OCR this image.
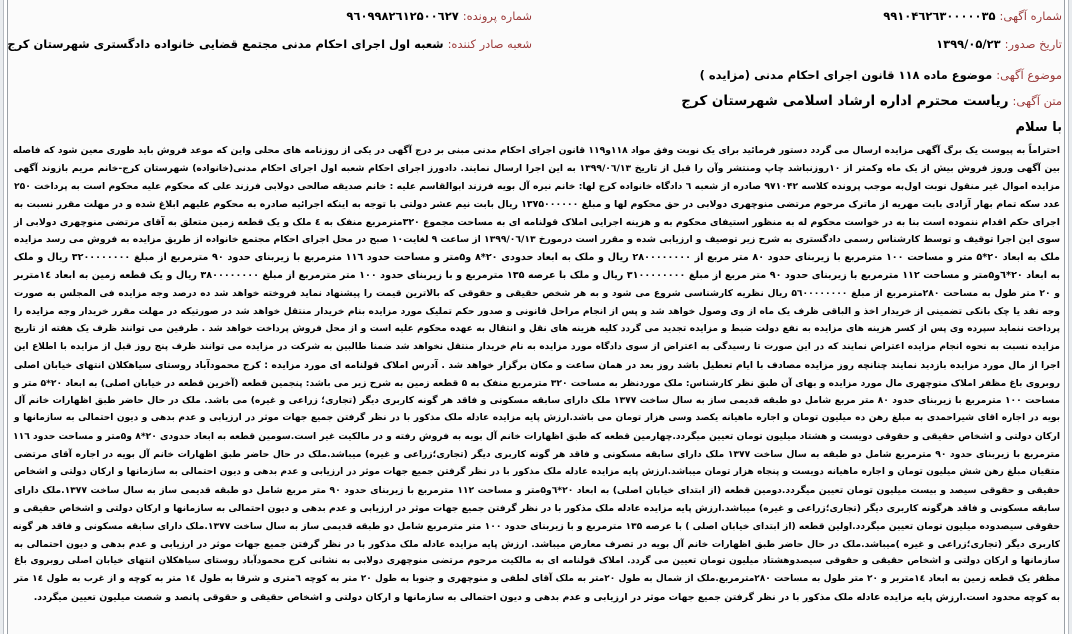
شماره آگهی:۹۹۱۰۴٦۲٦۳۰۰۰۰۰۳۵
تاریخ صدور:۱۳۹۹/۰۵/۲۳
شماره پرونده:۹٦۰۹۹۸۲٦۱۲۵۰۰٦۲۷
شعبه صادر کننده:شعبه اول اجرای احکام مدنی مجتمع قضایی خانواده دادگستری شهرستان کرج
موضوع آگهی:موضوع ماده ۱۱۸ قانون اجرای احکام مدنی (مزایده )
متن آگهی:ریاست محترم اداره ارشاد اسلامی شهرستان کرج
با سلام
احتراماً به پیوست یک برگ آگهی مزایده ارسال می گردد دستور فرمائید برای یک نوبت وفق مواد ۱۱۸و۱۱۹ قانون اجرای احکام مدنی مبنی بر درج آگهی در یکی از روزنامه های محلی واین که موعد فروش باید طوری معین شود که فاصله
بین آگهی وروز فروش بیش از یک ماه وکمتر از ۱۰روزنباشد چاپ ومنتشر وآن را قبل از تاریخ ۱۳۹۹/۰٦/۱۳ به این اجرا ارسال نمایند. دادورز اجرای احکام شعبه اول اجرای احکام مدنی(خانواده) شهرستان کرج-خانم مریم بازوند آگهی
مزایده اموال غیر منقول نوبت اول‌به موجب پرونده کلاسه ۹۷۱۰۴۲ صادره از شعبه ٦ دادگاه خانواده کرج لها: خانم نیره آل بویه فرزند ابوالقاسم علیه : خانم صدیقه صالحی دولابی فرزند علی که محکوم علیه محکوم است به پرداخت ۲۵۰
عدد سکه تمام بهار آزادی بابت مهریه از ماترک مرحوم مرتضی منوچهری دولابی در حق محکوم لها و مبلغ ۱۳۷۵۰۰۰۰۰۰ ریال بابت نیم عشر دولتی با توجه به اینکه اجرائیه صادره به محکوم علیهم ابلاغ شده و در مهلت مقرر نسبت به
اجرای حکم اقدام ننموده است بنا به در خواست محکوم له به منظور استیفای محکوم به و هزینه اجرایی املاک قولنامه ای به مساحت مجموع ۳۲۰مترمربع منفک به ٤ ملک و یک قطعه زمین متعلق به آقای مرتضی منوچهری دولابی از
سوی این اجرا توقیف و توسط کارشناس رسمی دادگستری به شرح زیر توصیف و ارزیابی شده و مقرر است درمورخ ۱۳۹۹/۰٦/۱۳ از ساعت ۹ لغایت۱۰ صبح در محل اجرای احکام مجتمع خانواده از طریق مزایده به فروش می رسد مزایده
ملک به ابعاد ۲۰*۵ متر و مساحت ۱۰۰ مترمربع با زیربنای حدود ۸۰ متر مربع از ۲۸۰۰۰۰۰۰۰۰ ریال و ملک به ابعاد حدودی ۲۰*۸ و۵متر و مساحت حدود ۱۱٦ مترمربع با زیربنای حدود ۹۰ مترمربع از مبلغ ۳۲۰۰۰۰۰۰۰۰ ریال و ملک
به ابعاد ۲۰*٦و۵متر و مساحت ۱۱۲ مترمربع با زیربنای حدود ۹۰ متر مربع از مبلغ ۳۱۰۰۰۰۰۰۰۰ ریال و ملک با عرصه ۱۳۵ مترمربع و با زیربنای حدود ۱۰۰ متر مترمربع از مبلغ ۳۸۰۰۰۰۰۰۰۰ ریال و یک قطعه زمین به ابعاد ۱٤متربر
و ۲۰ متر طول به مساحت ۲۸۰مترمربع از مبلغ ۵٦۰۰۰۰۰۰۰۰ ریال نظریه کارشناسی شروع می شود و به هر شخص حقیقی و حقوقی که بالاترین قیمت را پیشنهاد نماید فروخته خواهد شد ده درصد وجه مزایده فی المجلس به صورت
وجه نقد یا چک بانکی تضمینی از خریدار اخذ و الباقی ظرف یک ماه از وی وصول خواهد شد و پس از انجام مراحل قانونی و صدور حکم تملیک مورد مزایده بنام خریدار منتقل خواهد شد در صورتیکه در مهلت مقرر خریدار وجه مزایده را
پرداخت ننماید سپرده وی پس از کسر هزینه های مزایده به نفع دولت ضبط و مزایده تجدید می گردد کلیه هزینه های نقل و انتقال به عهده محکوم علیه است و از محل فروش پرداخت خواهد شد . طرفین می توانند ظرف یک هفته از تاریخ
مزایده نسبت به نحوه انجام مزایده اعتراض نمایند که در این صورت تا رسیدگی به اعتراض از سوی دادگاه مورد مزایده به نام خریدار منتقل نخواهد شد ضمنا طالبین به شرکت در مزایده می توانند ظرف پنج روز قبل از مزایده با اطلاع این
اجرا از مال مورد مزایده بازدید نمایند چنانچه روز مزایده مصادف با ایام تعطیل باشد روز بعد در همان ساعت و مکان برگزار خواهد شد . آدرس املاک قولنامه ای مورد مزایده : کرج محمودآباد روستای سیاهکلان انتهای خیابان اصلی
روبروی باغ مظفر املاک منوچهری مال مورد مزایده و بهای آن طبق نظر کارشناس: ملک موردنظر به مساحت ۳۲۰ مترمربع منفک به ۵ قطعه زمین به شرح زیر می باشد: پنجمین قطعه (آخرین قطعه در خیابان اصلی) به ابعاد ۲۰*۵ متر و
مساحت ۱۰۰ مترمربع با زیربنای حدود ۸۰ متر مربع شامل دو طبقه قدیمی ساز به سال ساخت ۱۳۷۷ ملک دارای سابقه مسکونی و فاقد هر گونه کاربری دیگر (تجاری؛ زراعی و غیره) می باشد. ملک در حال حاضر طبق اظهارات خانم آل
بویه در اجاره اقای شیراحمدی به مبلغ رهن ده میلیون تومان و اجاره ماهیانه یکصد وسی هزار تومان می باشد.ارزش پایه مزایده عادله ملک مذکور با در نظر گرفتن جمیع جهات موثر در ارزیابی و عدم بدهی و دیون احتمالی به سازمانها و
ارکان دولتی و اشخاص حقیقی و حقوقی دویست و هشتاد میلیون تومان تعیین میگردد.چهارمین قطعه که طبق اظهارات خانم آل بویه به فروش رفته و در مالکیت غیر است.سومین قطعه به ابعاد حدودی ۲۰*۸ و۵متر و مساحت حدود ۱۱٦
مترمربع با زیربنای حدود ۹۰ مترمربع شامل دو طبقه به سال ساخت ۱۳۷۷ ملک دارای سابقه مسکونی و فاقد هر گونه کاربری دیگر (تجاری؛زراعی و غیره) میباشد.ملک در حال حاضر طبق اظهارات خانم آل بویه در اجاره آقای مرتضی
متقیان مبلغ رهن شش میلیون تومان و اجاره ماهیانه دویست و پنجاه هزار تومان میباشد.ارزش پایه مزایده عادله ملک مذکور با در نظر گرفتن جمیع جهات موثر در ارزیابی و عدم بدهی و دیون احتمالی به سازمانها و ارکان دولتی و اشخاص
حقیقی و حقوقی سیصد و بیست میلیون تومان تعیین میگردد.دومین قطعه (از ابتدای خیابان اصلی) به ابعاد ۲۰*٦و۵متر و مساحت ۱۱۲ مترمربع با زیربنای حدود ۹۰ متر مربع شامل دو طبقه قدیمی ساز به سال ساخت ۱۳۷۷.ملک دارای
سابقه مسکونی و فاقد هرگونه کاربری دیگر (تجاری؛زراعی و غیره) میباشد.ارزش پایه مزایده عادله ملک مذکور با در نظر گرفتن جمیع جهات موثر در ارزیابی و عدم بدهی و دیون احتمالی به سازمانها و ارکان دولتی و اشخاص حقیقی و
حقوقی سیصدوده میلیون تومان تعیین میگردد.اولین قطعه (از ابتدای خیابان اصلی ) با عرصه ۱۳۵ مترمربع و با زیربنای حدود ۱۰۰ متر مترمربع شامل دو طبقه قدیمی ساز به سال ساخت ۱۳۷۷.ملک دارای سابقه مسکونی و فاقد هر گونه
کاربری دیگر (تجاری؛زراعی و غیره )میباشد.ملک در حال حاضر طبق اظهارات خانم آل بویه در تصرف معارض میباشد. ارزش پایه مزایده عادله ملک مذکور با در نظر گرفتن جمیع جهات موثر در ارزیابی و عدم بدهی و دیون احتمالی به
سازمانها و ارکان دولتی و اشخاص حقیقی و حقوقی سیصدوهشتاد میلیون تومان تعیین می گردد. املاک قولنامه ای به مالکیت مرحوم مرتضی منوچهری دولابی به نشانی کرج محمودآباد روستای سیاهکلان انتهای خیابان اصلی روبروی باغ
مظفر یک قطعه زمین به ابعاد ۱٤متربر و ۲۰ متر طول به مساحت ۲۸۰مترمربع.ملک از شمال به طول ۲۰متر به ملک آقای لطفی و منوچهری و جنوبا به طول ۲۰ متر به کوچه ٦متری و شرقا به طول ۱٤ متر به کوچه و از غرب به طول ۱٤ متر
به کوچه محدود است.ارزش پایه مزایده عادله ملک مذکور با در نظر گرفتن جمیع جهات موثر در ارزیابی و عدم بدهی و دیون احتمالی به سازمانها و ارکان دولتی و اشخاص حقیقی و حقوقی پانصد و شصت میلیون تعیین میگردد.
